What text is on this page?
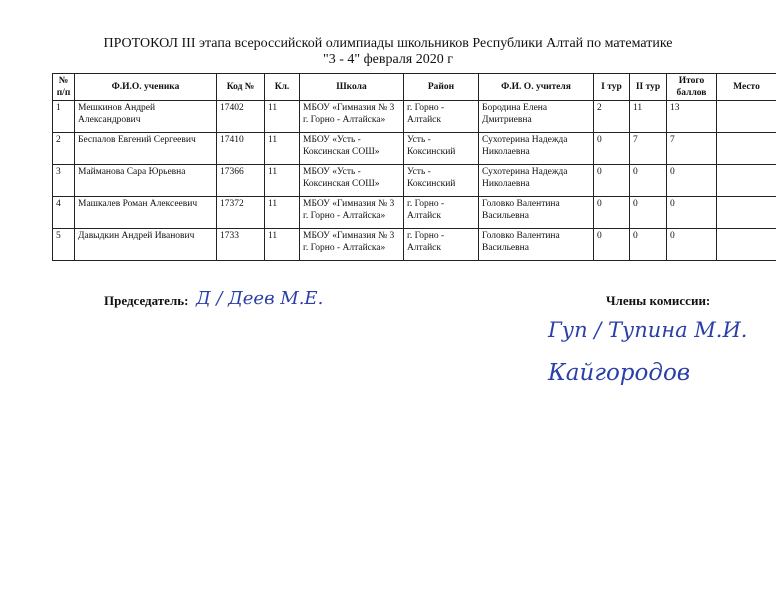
ПРОТОКОЛ III этапа всероссийской олимпиады школьников Республики Алтай по математике
"3 - 4" февраля 2020 г
№ п/п	Ф.И.О. ученика	Код №	Кл.	Школа	Район	Ф.И. О. учителя	I тур	II тур	Итого баллов	Место
1	Мешкинов Андрей Александрович	17402	11	МБОУ «Гимназия № 3 г. Горно - Алтайска»	г. Горно - Алтайск	Бородина Елена Дмитриевна	2	11	13	
2	Беспалов Евгений Сергеевич	17410	11	МБОУ «Усть - Коксинская СОШ»	Усть - Коксинский	Сухотерина Надежда Николаевна	0	7	7	
3	Майманова Сара Юрьевна	17366	11	МБОУ «Усть - Коксинская СОШ»	Усть - Коксинский	Сухотерина Надежда Николаевна	0	0	0	
4	Машкалев Роман Алексеевич	17372	11	МБОУ «Гимназия № 3 г. Горно - Алтайска»	г. Горно - Алтайск	Головко Валентина Васильевна	0	0	0	
5	Давыдкин Андрей Иванович	1733	11	МБОУ «Гимназия № 3 г. Горно - Алтайска»	г. Горно - Алтайск	Головко Валентина Васильевна	0	0	0	
Председатель: Д / Деев М.Е.	Члены комиссии:
Гуп / Тупина М.И.
Кайгородов
